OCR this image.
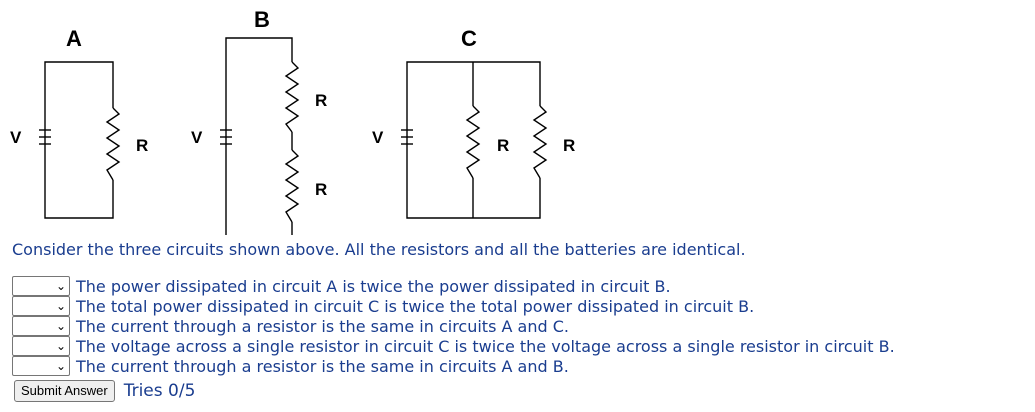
A
V	R
B
V
R
R
C
V	R	R
Consider the three circuits shown above. All the resistors and all the batteries are identical.
⌄ The power dissipated in circuit A is twice the power dissipated in circuit B.
⌄ The total power dissipated in circuit C is twice the total power dissipated in circuit B.
⌄ The current through a resistor is the same in circuits A and C.
⌄ The voltage across a single resistor in circuit C is twice the voltage across a single resistor in circuit B.
⌄ The current through a resistor is the same in circuits A and B.
Submit Answer Tries 0/5
